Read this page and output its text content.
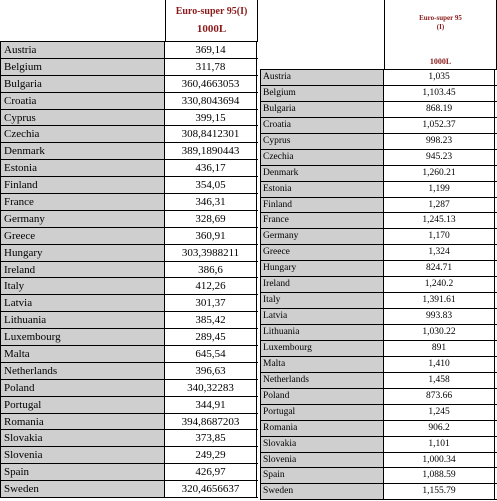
Euro-super 95(I)
1000L
Austria	369,14
Belgium	311,78
Bulgaria	360,4663053
Croatia	330,8043694
Cyprus	399,15
Czechia	308,8412301
Denmark	389,1890443
Estonia	436,17
Finland	354,05
France	346,31
Germany	328,69
Greece	360,91
Hungary	303,3988211
Ireland	386,6
Italy	412,26
Latvia	301,37
Lithuania	385,42
Luxembourg	289,45
Malta	645,54
Netherlands	396,63
Poland	340,32283
Portugal	344,91
Romania	394,8687203
Slovakia	373,85
Slovenia	249,29
Spain	426,97
Sweden	320,4656637
Euro-super 95
(I)
1000L
Austria	1,035
Belgium	1,103.45
Bulgaria	868.19
Croatia	1,052.37
Cyprus	998.23
Czechia	945.23
Denmark	1,260.21
Estonia	1,199
Finland	1,287
France	1,245.13
Germany	1,170
Greece	1,324
Hungary	824.71
Ireland	1,240.2
Italy	1,391.61
Latvia	993.83
Lithuania	1,030.22
Luxembourg	891
Malta	1,410
Netherlands	1,458
Poland	873.66
Portugal	1,245
Romania	906.2
Slovakia	1,101
Slovenia	1,000.34
Spain	1,088.59
Sweden	1,155.79
